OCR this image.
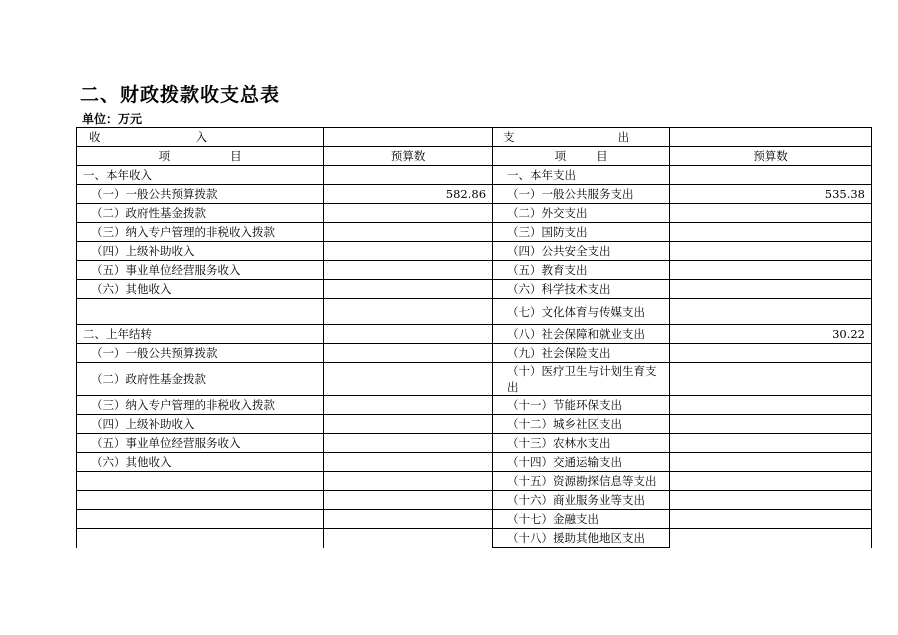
二、财政拨款收支总表
单位：万元
收 入		支 出	

项 目	预算数	项 目	预算数
一、本年收入		一、本年支出	
（一）一般公共预算拨款	582.86	（一）一般公共服务支出	535.38
（二）政府性基金拨款		（二）外交支出	
（三）纳入专户管理的非税收入拨款		（三）国防支出	
（四）上级补助收入		（四）公共安全支出	
（五）事业单位经营服务收入		（五）教育支出	
（六）其他收入		（六）科学技术支出	
		（七）文化体育与传媒支出	
二、上年结转		（八）社会保障和就业支出	30.22
（一）一般公共预算拨款		（九）社会保险支出	
（二）政府性基金拨款		（十）医疗卫生与计划生育支出	
（三）纳入专户管理的非税收入拨款		（十一）节能环保支出	
（四）上级补助收入		（十二）城乡社区支出	
（五）事业单位经营服务收入		（十三）农林水支出	
（六）其他收入		（十四）交通运输支出	
		（十五）资源勘探信息等支出	
		（十六）商业服务业等支出	
		（十七）金融支出	
		（十八）援助其他地区支出	
